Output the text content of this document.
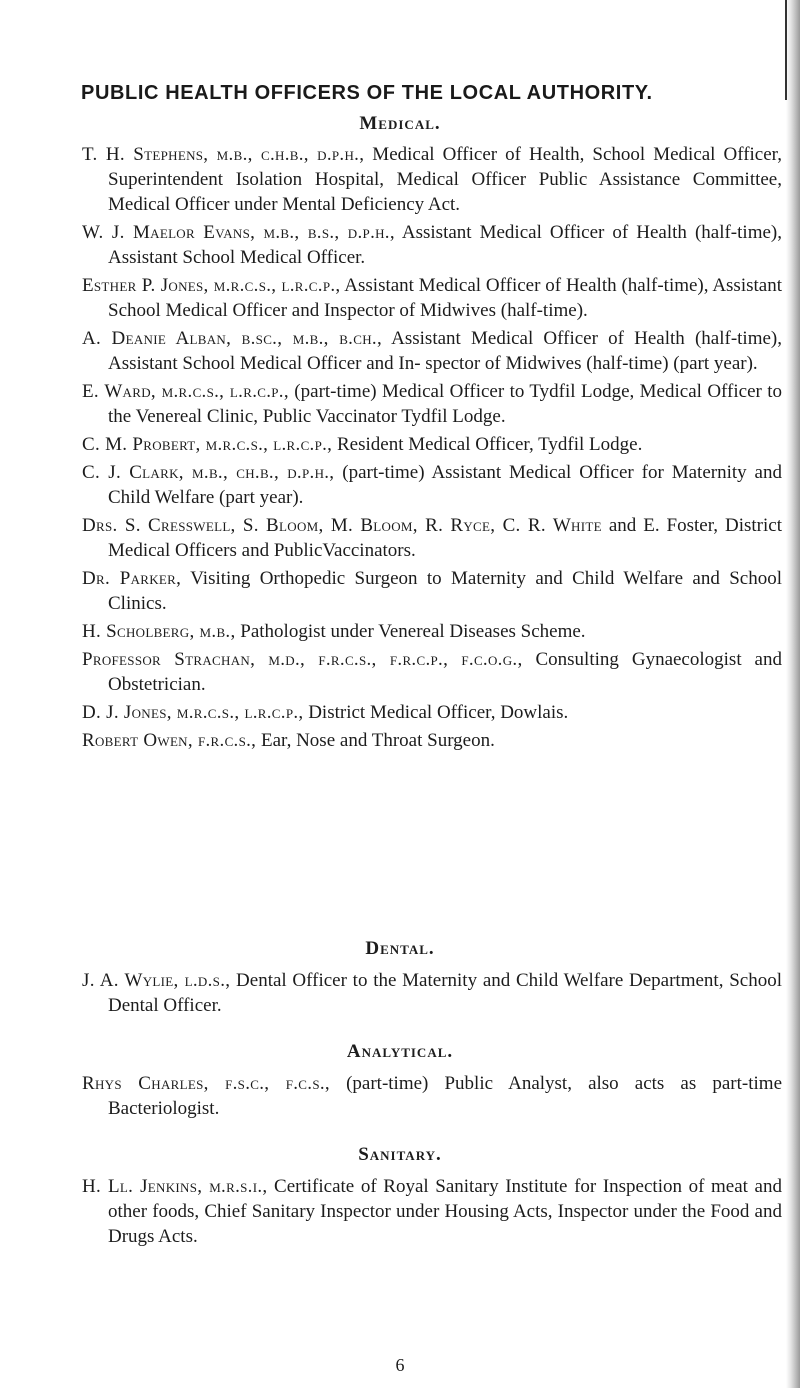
PUBLIC HEALTH OFFICERS OF THE LOCAL AUTHORITY.
Medical.

T. H. Stephens, m.b., c.h.b., d.p.h., Medical Officer of Health, School Medical Officer, Superintendent Isolation Hospital, Medical Officer Public Assistance Committee, Medical Officer under Mental Deficiency Act.

W. J. Maelor Evans, m.b., b.s., d.p.h., Assistant Medical Officer of Health (half-time), Assistant School Medical Officer.

Esther P. Jones, m.r.c.s., l.r.c.p., Assistant Medical Officer of Health (half-time), Assistant School Medical Officer and Inspector of Midwives (half-time).

A. Deanie Alban, b.sc., m.b., b.ch., Assistant Medical Officer of Health (half-time), Assistant School Medical Officer and In- spector of Midwives (half-time) (part year).

E. Ward, m.r.c.s., l.r.c.p., (part-time) Medical Officer to Tydfil Lodge, Medical Officer to the Venereal Clinic, Public Vaccinator Tydfil Lodge.

C. M. Probert, m.r.c.s., l.r.c.p., Resident Medical Officer, Tydfil Lodge.

C. J. Clark, m.b., ch.b., d.p.h., (part-time) Assistant Medical Officer for Maternity and Child Welfare (part year).

Drs. S. Cresswell, S. Bloom, M. Bloom, R. Ryce, C. R. White and E. Foster, District Medical Officers and PublicVaccinators.

Dr. Parker, Visiting Orthopedic Surgeon to Maternity and Child Welfare and School Clinics.

H. Scholberg, m.b., Pathologist under Venereal Diseases Scheme.

Professor Strachan, m.d., f.r.c.s., f.r.c.p., f.c.o.g., Consulting Gynaecologist and Obstetrician.

D. J. Jones, m.r.c.s., l.r.c.p., District Medical Officer, Dowlais.

Robert Owen, f.r.c.s., Ear, Nose and Throat Surgeon.

Dental.

J. A. Wylie, l.d.s., Dental Officer to the Maternity and Child Welfare Department, School Dental Officer.

Analytical.

Rhys Charles, f.s.c., f.c.s., (part-time) Public Analyst, also acts as part-time Bacteriologist.

Sanitary.

H. Ll. Jenkins, m.r.s.i., Certificate of Royal Sanitary Institute for Inspection of meat and other foods, Chief Sanitary Inspector under Housing Acts, Inspector under the Food and Drugs Acts.

6
